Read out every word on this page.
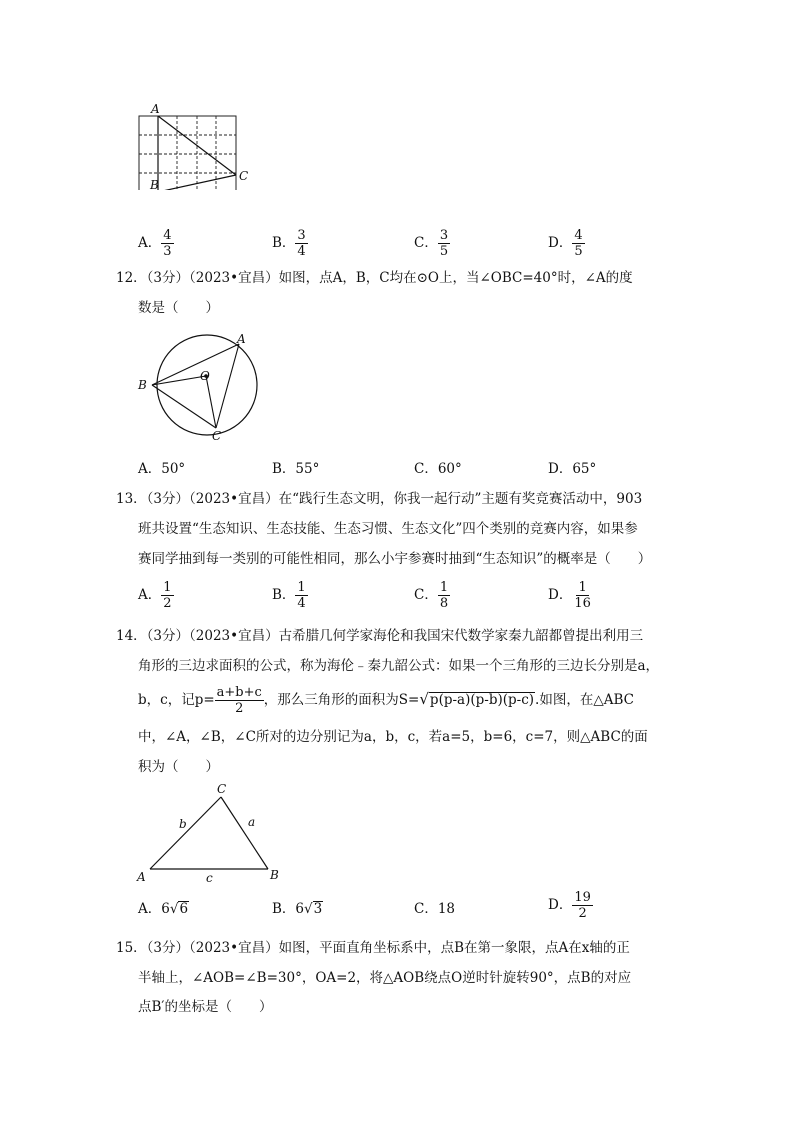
A
B
C
A． $\frac{4}{3}$	B． $\frac{3}{4}$	C． $\frac{3}{5}$	D． $\frac{4}{5}$
12．（3分）（2023•宜昌）如图，点A，B，C均在⊙O上，当∠OBC=40°时，∠A的度
数是（　　）
A
B
C
O
A．50°	B．55°	C．60°	D．65°
13．（3分）（2023•宜昌）在“践行生态文明，你我一起行动”主题有奖竞赛活动中，903
班共设置“生态知识、生态技能、生态习惯、生态文化”四个类别的竞赛内容，如果参
赛同学抽到每一类别的可能性相同，那么小宇参赛时抽到“生态知识”的概率是（　　）
A． $\frac{1}{2}$	B． $\frac{1}{4}$	C． $\frac{1}{8}$	D． $\frac{1}{16}$
14．（3分）（2023•宜昌）古希腊几何学家海伦和我国宋代数学家秦九韶都曾提出利用三
角形的三边求面积的公式，称为海伦﹣秦九韶公式：如果一个三角形的三边长分别是a，
b，c，记$p= \frac{a+b+c}{2}$ ，那么三角形的面积为S=√p(p-a)(p-b)(p-c).如图，在△ABC
中，∠A，∠B，∠C所对的边分别记为a，b，c，若a=5，b=6，c=7，则△ABC的面
积为（　　）
C
A	B
b	a
c
A．6√6	B．6√3	C．18	D． $\frac{19}{2}$
15．（3分）（2023•宜昌）如图，平面直角坐标系中，点B在第一象限，点A在x轴的正
半轴上，∠AOB=∠B=30°，OA=2，将△AOB绕点O逆时针旋转90°，点B的对应
点B′的坐标是（　　）
